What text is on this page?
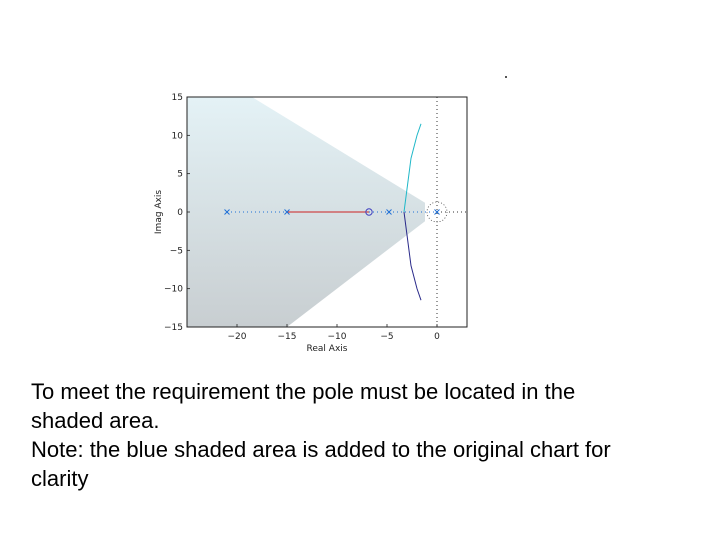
−20	−15	−10	−5	0
15
10
5
0
−5
−10
−15
Real Axis
Imag Axis
To meet the requirement the pole must be located in the
shaded area.
Note: the blue shaded area is added to the original chart for
clarity
